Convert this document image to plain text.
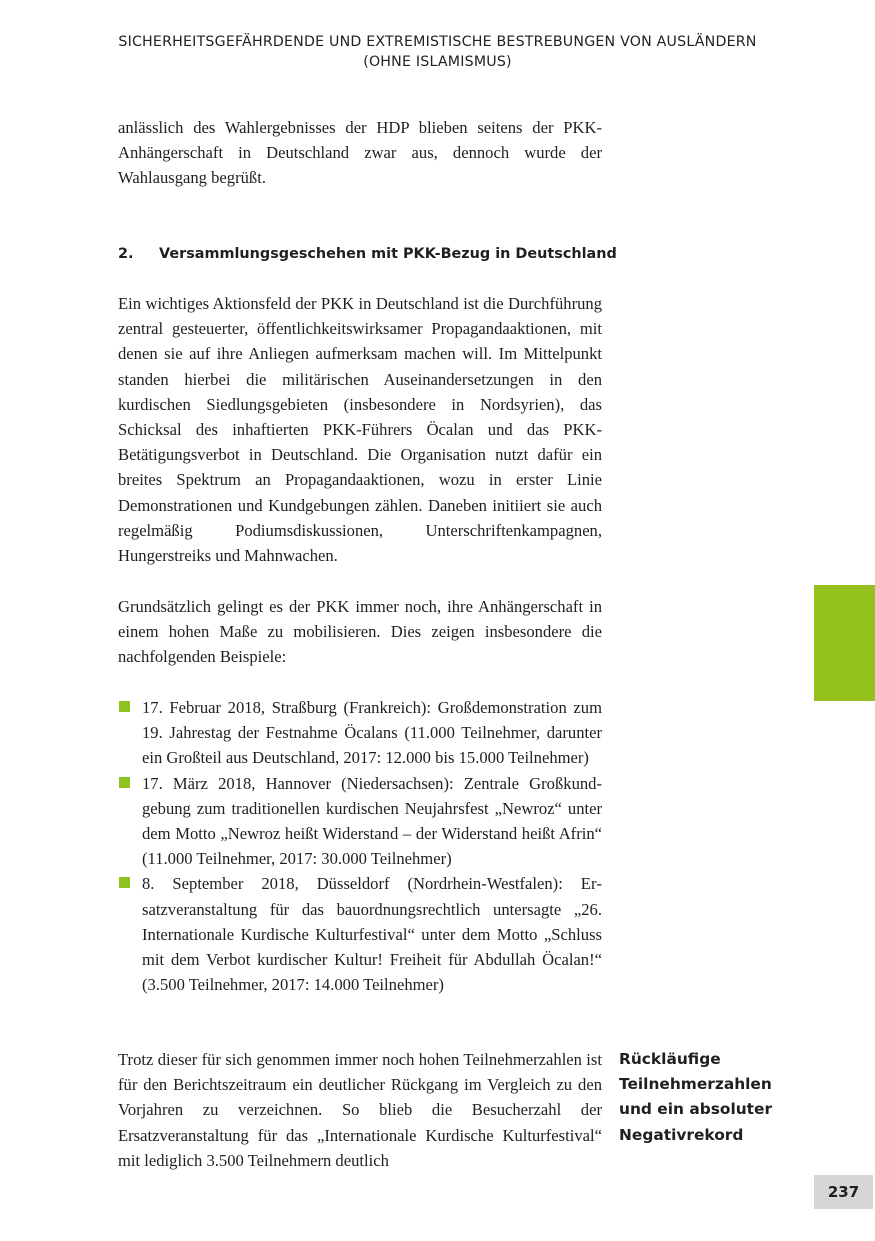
SICHERHEITSGEFÄHRDENDE UND EXTREMISTISCHE BESTREBUNGEN VON AUSLÄNDERN
(OHNE ISLAMISMUS)

anlässlich des Wahlergebnisses der HDP blieben seitens der PKK-Anhängerschaft in Deutschland zwar aus, dennoch wurde der Wahlausgang begrüßt.

2. Versammlungsgeschehen mit PKK-Bezug in Deutschland

Ein wichtiges Aktionsfeld der PKK in Deutschland ist die Durchführung zentral gesteuerter, öffentlichkeitswirksamer Propagandaaktionen, mit denen sie auf ihre Anliegen aufmerksam machen will. Im Mittelpunkt standen hierbei die militärischen Auseinandersetzungen in den kurdischen Siedlungsgebieten (insbesondere in Nordsyrien), das Schicksal des inhaftierten PKK-Führers Öcalan und das PKK-Betätigungsverbot in Deutschland. Die Organisation nutzt dafür ein breites Spektrum an Propagandaaktionen, wozu in erster Linie Demonstrationen und Kundgebungen zählen. Daneben initiiert sie auch regelmäßig Podiumsdiskussionen, Unterschriftenkampagnen, Hungerstreiks und Mahnwachen.

Grundsätzlich gelingt es der PKK immer noch, ihre Anhängerschaft in einem hohen Maße zu mobilisieren. Dies zeigen insbesondere die nachfolgenden Beispiele:

17. Februar 2018, Straßburg (Frankreich): Großdemonstration zum 19. Jahrestag der Festnahme Öcalans (11.000 Teilnehmer, darunter ein Großteil aus Deutschland, 2017: 12.000 bis 15.000 Teilnehmer)
17. März 2018, Hannover (Niedersachsen): Zentrale Großkundgebung zum traditionellen kurdischen Neujahrsfest „Newroz“ unter dem Motto „Newroz heißt Widerstand – der Widerstand heißt Afrin“ (11.000 Teilnehmer, 2017: 30.000 Teilnehmer)
8. September 2018, Düsseldorf (Nordrhein-Westfalen): Ersatzveranstaltung für das bauordnungsrechtlich untersagte „26. Internationale Kurdische Kulturfestival“ unter dem Motto „Schluss mit dem Verbot kurdischer Kultur! Freiheit für Abdullah Öcalan!“ (3.500 Teilnehmer, 2017: 14.000 Teilnehmer)

Trotz dieser für sich genommen immer noch hohen Teilnehmerzahlen ist für den Berichtszeitraum ein deutlicher Rückgang im Vergleich zu den Vorjahren zu verzeichnen. So blieb die Besucherzahl der Ersatzveranstaltung für das „Internationale Kurdische Kulturfestival“ mit lediglich 3.500 Teilnehmern deutlich

Rückläufige
Teilnehmerzahlen
und ein absoluter
Negativrekord
237
